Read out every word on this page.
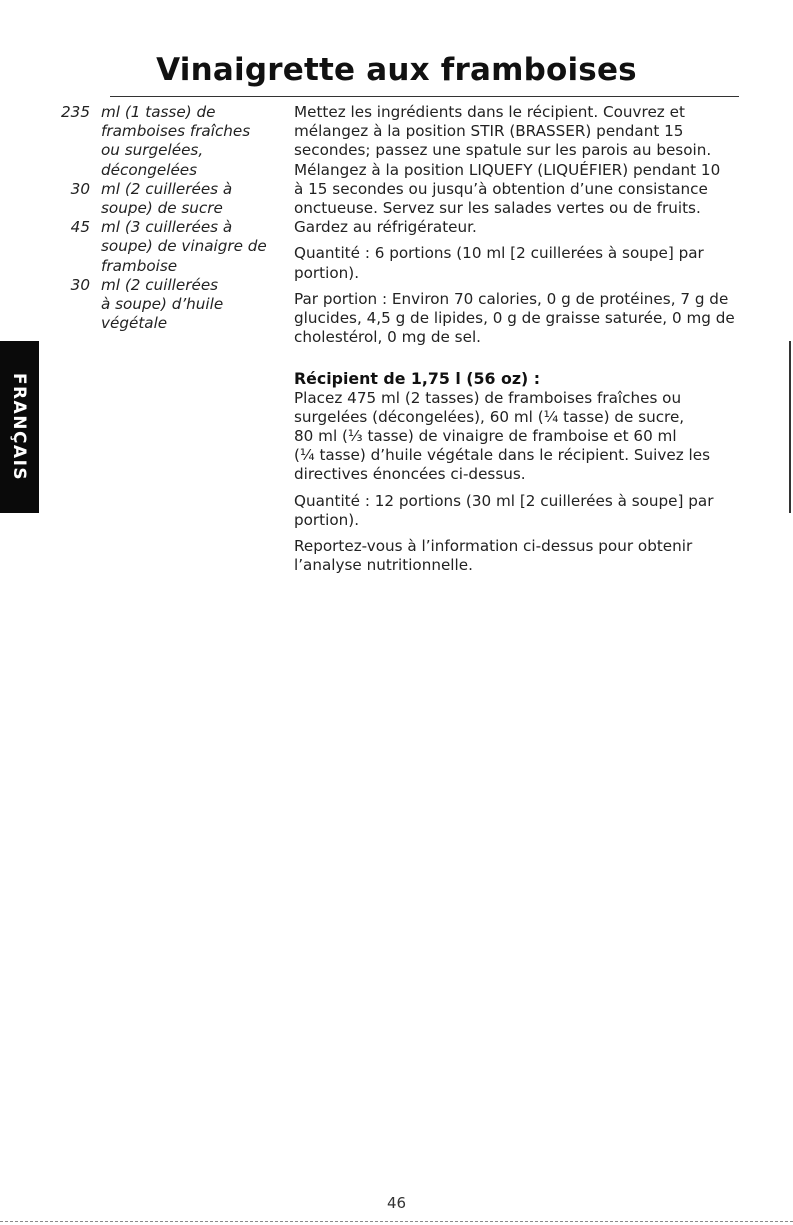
Vinaigrette aux framboises
FRANÇAIS
235 ml (1 tasse) de
framboises fraîches
ou surgelées,
décongelées
30 ml (2 cuillerées à
soupe) de sucre
45 ml (3 cuillerées à
soupe) de vinaigre de
framboise
30 ml (2 cuillerées
à soupe) d’huile
végétale

Mettez les ingrédients dans le récipient. Couvrez et
mélangez à la position STIR (BRASSER) pendant 15
secondes; passez une spatule sur les parois au besoin.
Mélangez à la position LIQUEFY (LIQUÉFIER) pendant 10
à 15 secondes ou jusqu’à obtention d’une consistance
onctueuse. Servez sur les salades vertes ou de fruits.
Gardez au réfrigérateur.

Quantité : 6 portions (10 ml [2 cuillerées à soupe] par
portion).

Par portion : Environ 70 calories, 0 g de protéines, 7 g de
glucides, 4,5 g de lipides, 0 g de graisse saturée, 0 mg de
cholestérol, 0 mg de sel.

Récipient de 1,75 l (56 oz) :

Placez 475 ml (2 tasses) de framboises fraîches ou
surgelées (décongelées), 60 ml (¹⁄₄ tasse) de sucre,
80 ml (¹⁄₃ tasse) de vinaigre de framboise et 60 ml
(¹⁄₄ tasse) d’huile végétale dans le récipient. Suivez les
directives énoncées ci-dessus.

Quantité : 12 portions (30 ml [2 cuillerées à soupe] par
portion).

Reportez-vous à l’information ci-dessus pour obtenir
l’analyse nutritionnelle.

46
